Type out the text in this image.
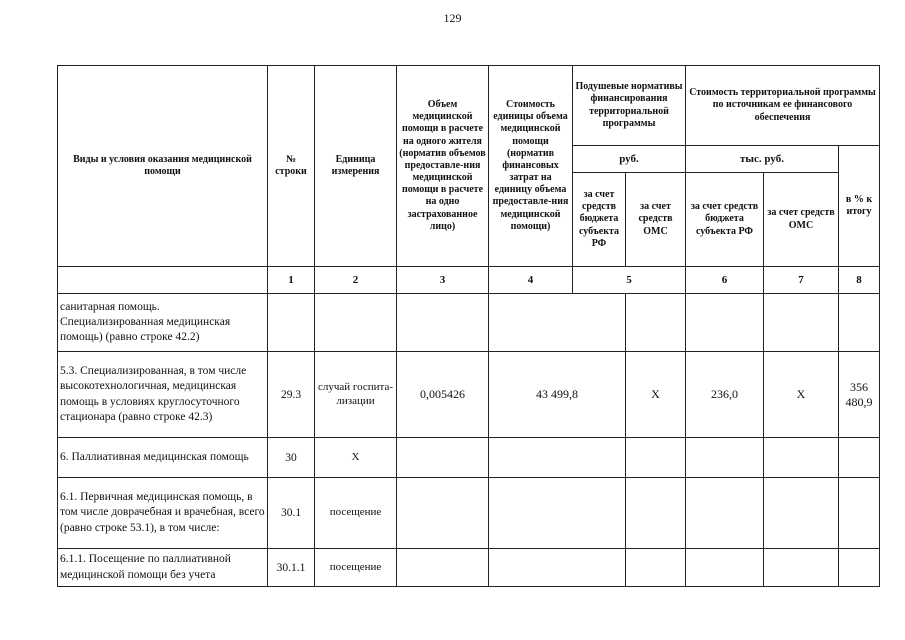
129
Виды и условия оказания медицинской помощи	№ строки	Единица измерения	Объем медицинской помощи в расчете на одного жителя (норматив объемов предоставле-ния медицинской помощи в расчете на одно застрахованное лицо)	Стоимость единицы объема медицинской помощи (норматив финансовых затрат на единицу объема предоставле-ния медицинской помощи)	Подушевые нормативы финансирования территориальной программы		Стоимость территориальной программы по источникам ее финансового обеспечения			
					руб.		тыс. руб.		в % к итогу	
					за счет средств бюджета субъекта РФ	за счет средств ОМС	за счет средств бюджета субъекта РФ	за счет средств ОМС		
	1	2	3	4	5		6	7	8	
санитарная помощь. Специализированная медицинская помощь) (равно строке 42.2)										
5.3. Специализированная, в том числе высокотехнологичная, медицинская помощь в условиях круглосуточного стационара (равно строке 42.3)	29.3	случай госпита-лизации	0,005426	43 499,8		X	236,0	X	356 480,9	
6. Паллиативная медицинская помощь	30	X								
6.1. Первичная медицинская помощь, в том числе доврачебная и врачебная, всего (равно строке 53.1), в том числе:	30.1	посещение								
6.1.1. Посещение по паллиативной медицинской помощи без учета	30.1.1	посещение								
